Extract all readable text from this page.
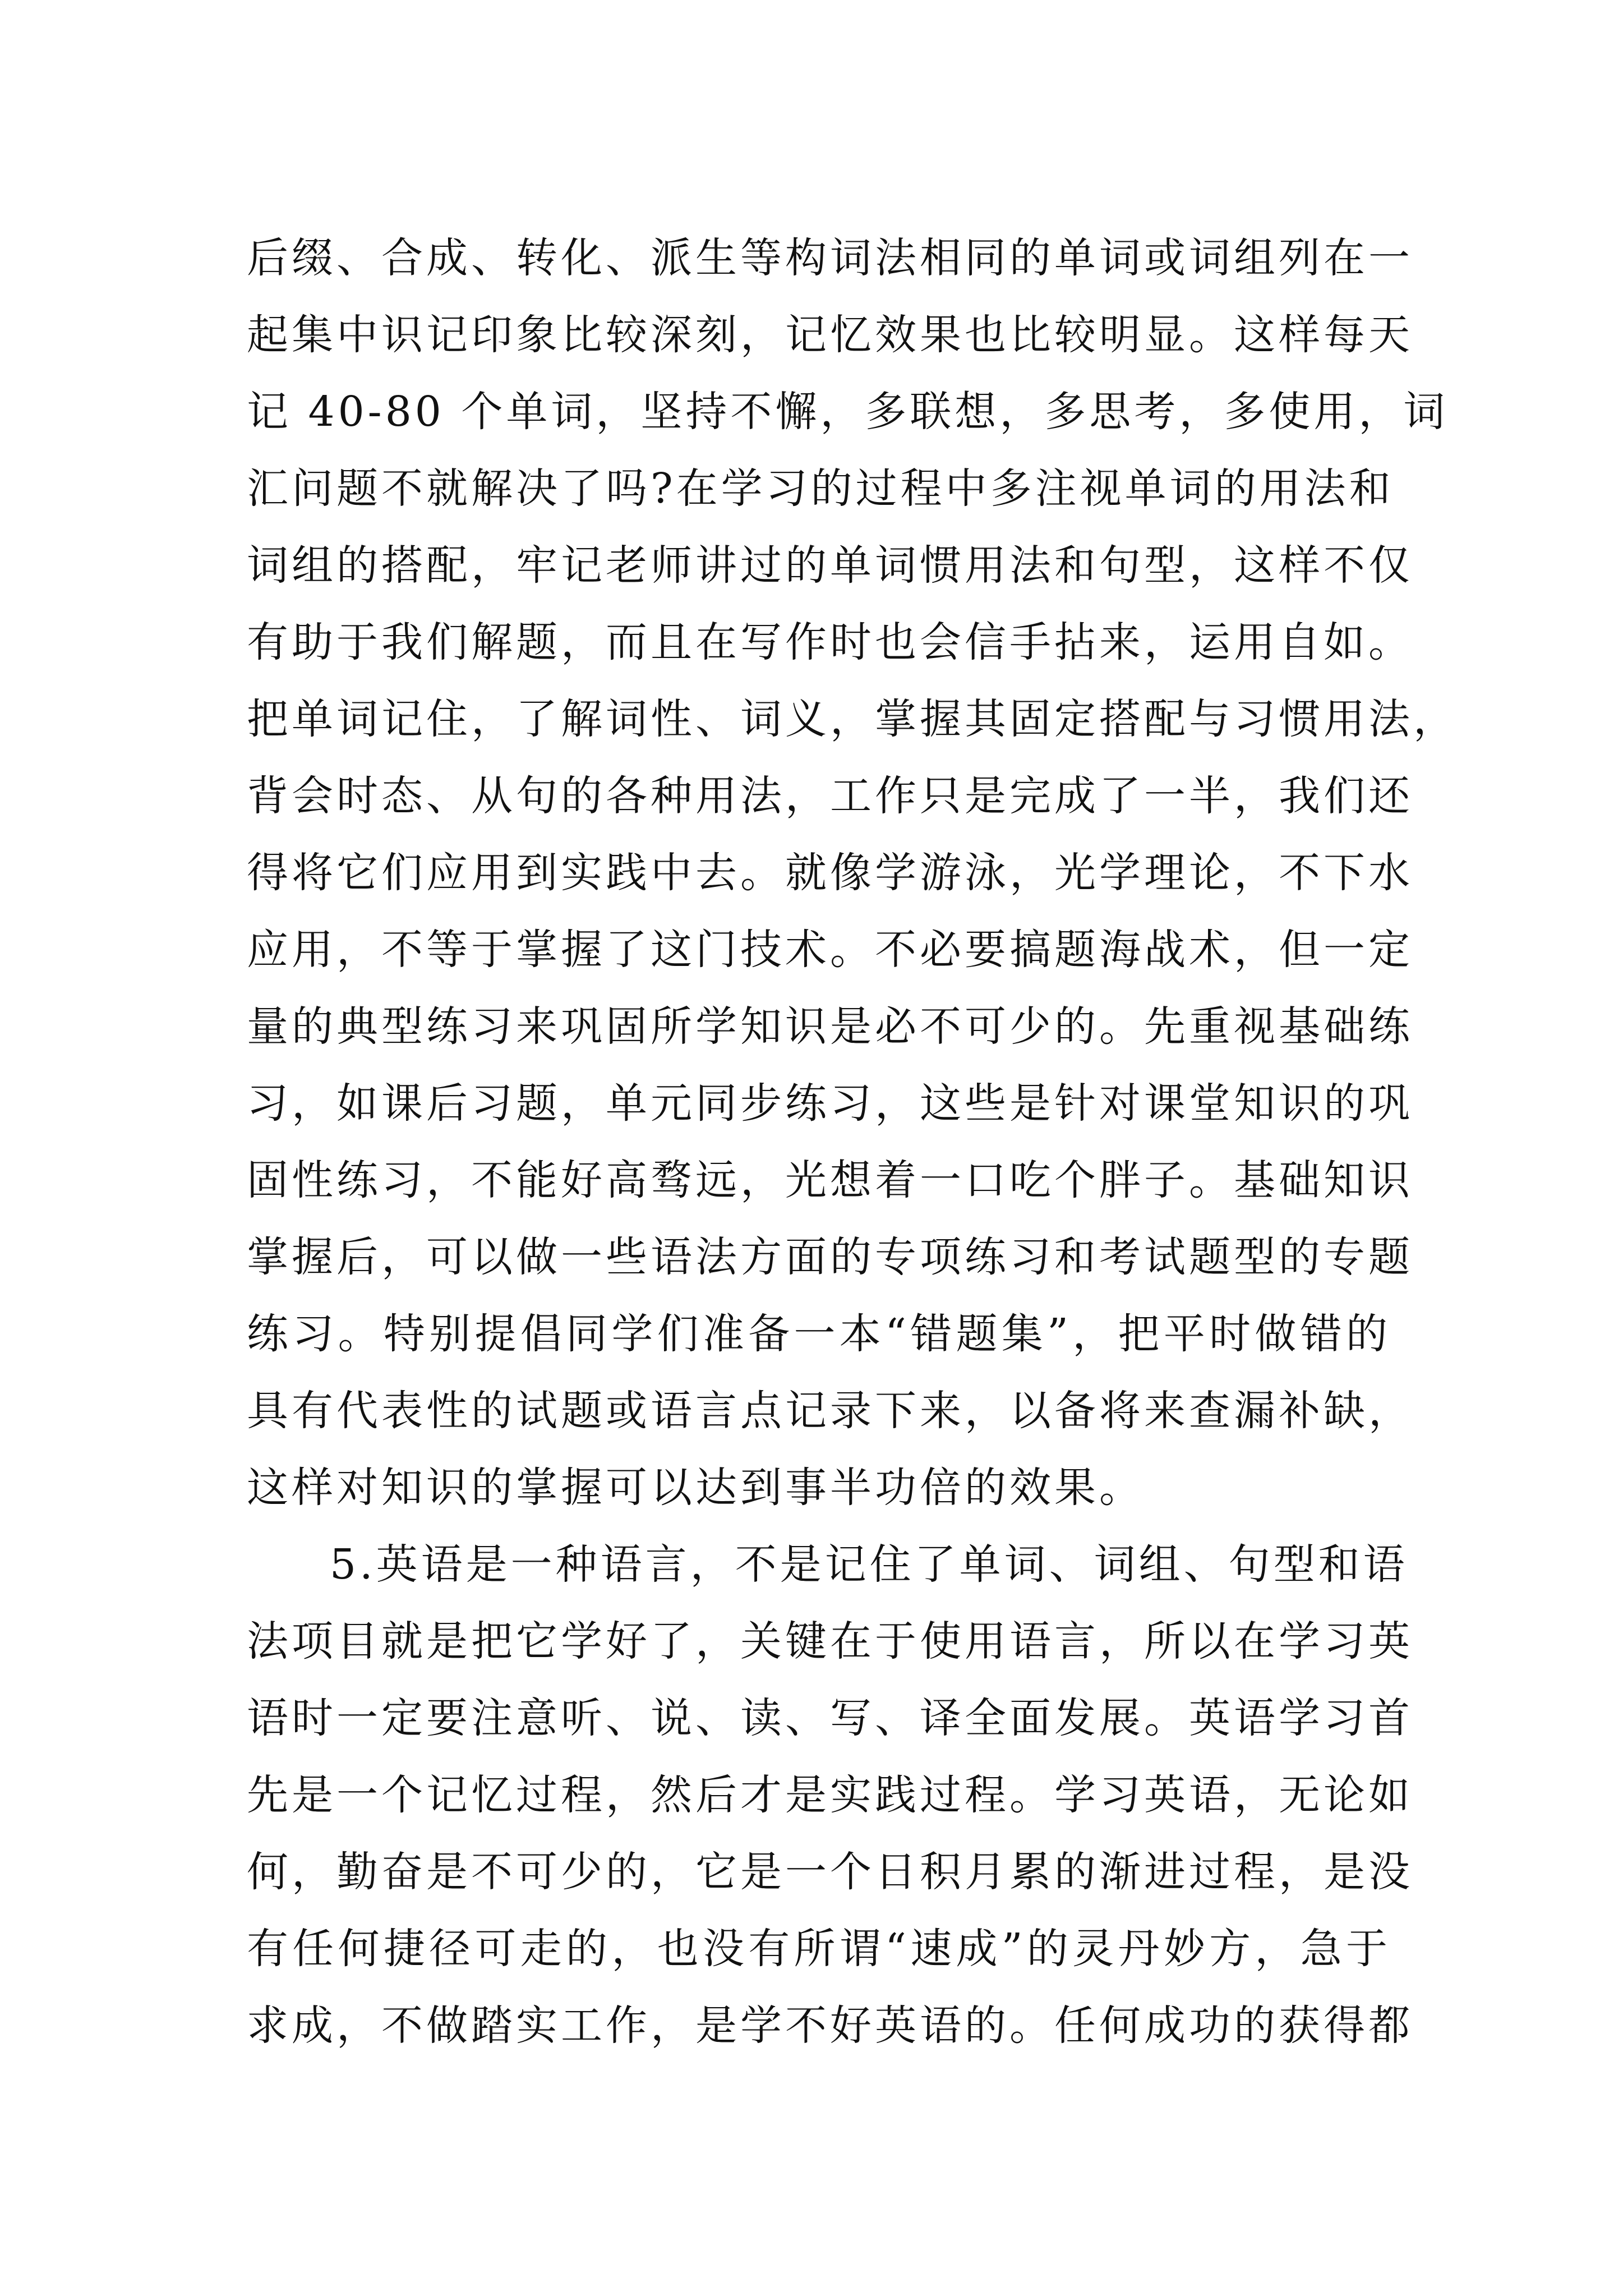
后缀、合成、转化、派生等构词法相同的单词或词组列在一
起集中识记印象比较深刻，记忆效果也比较明显。这样每天
记 40-80 个单词，坚持不懈，多联想，多思考，多使用，词
汇问题不就解决了吗?在学习的过程中多注视单词的用法和
词组的搭配，牢记老师讲过的单词惯用法和句型，这样不仅
有助于我们解题，而且在写作时也会信手拈来，运用自如。
把单词记住，了解词性、词义，掌握其固定搭配与习惯用法，
背会时态、从句的各种用法，工作只是完成了一半，我们还
得将它们应用到实践中去。就像学游泳，光学理论，不下水
应用，不等于掌握了这门技术。不必要搞题海战术，但一定
量的典型练习来巩固所学知识是必不可少的。先重视基础练
习，如课后习题，单元同步练习，这些是针对课堂知识的巩
固性练习，不能好高骛远，光想着一口吃个胖子。基础知识
掌握后，可以做一些语法方面的专项练习和考试题型的专题
练习。特别提倡同学们准备一本“错题集”，把平时做错的
具有代表性的试题或语言点记录下来，以备将来查漏补缺，
这样对知识的掌握可以达到事半功倍的效果。
5.英语是一种语言，不是记住了单词、词组、句型和语
法项目就是把它学好了，关键在于使用语言，所以在学习英
语时一定要注意听、说、读、写、译全面发展。英语学习首
先是一个记忆过程，然后才是实践过程。学习英语，无论如
何，勤奋是不可少的，它是一个日积月累的渐进过程，是没
有任何捷径可走的，也没有所谓“速成”的灵丹妙方，急于
求成，不做踏实工作，是学不好英语的。任何成功的获得都
